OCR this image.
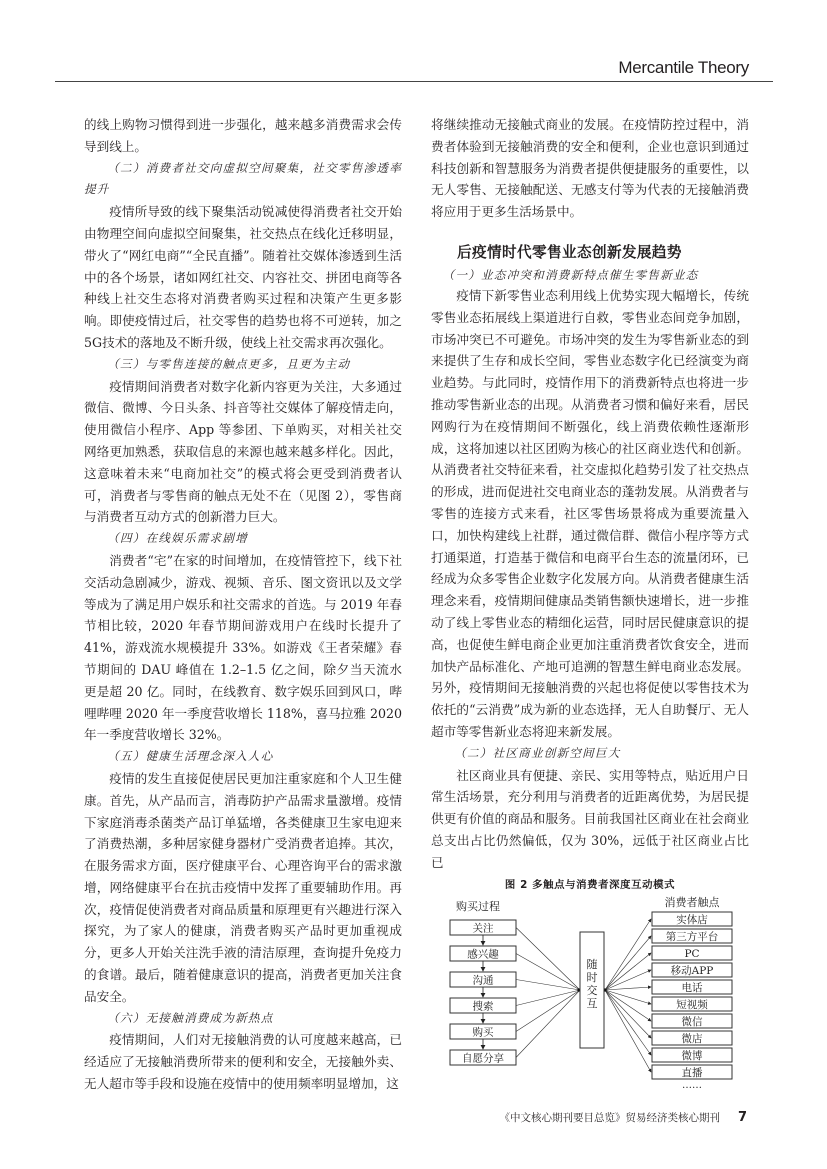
Mercantile Theory

的线上购物习惯得到进一步强化，越来越多消费需求会传导到线上。

（二）消费者社交向虚拟空间聚集，社交零售渗透率提升

疫情所导致的线下聚集活动锐减使得消费者社交开始由物理空间向虚拟空间聚集，社交热点在线化迁移明显，带火了“网红电商”“全民直播”。随着社交媒体渗透到生活中的各个场景，诸如网红社交、内容社交、拼团电商等各种线上社交生态将对消费者购买过程和决策产生更多影响。即使疫情过后，社交零售的趋势也将不可逆转，加之5G技术的落地及不断升级，使线上社交需求再次强化。

（三）与零售连接的触点更多，且更为主动

疫情期间消费者对数字化新内容更为关注，大多通过微信、微博、今日头条、抖音等社交媒体了解疫情走向，使用微信小程序、App 等参团、下单购买，对相关社交网络更加熟悉，获取信息的来源也越来越多样化。因此，这意味着未来“电商加社交”的模式将会更受到消费者认可，消费者与零售商的触点无处不在（见图 2），零售商与消费者互动方式的创新潜力巨大。

（四）在线娱乐需求剧增

消费者“宅”在家的时间增加，在疫情管控下，线下社交活动急剧减少，游戏、视频、音乐、图文资讯以及文学等成为了满足用户娱乐和社交需求的首选。与 2019 年春节相比较，2020 年春节期间游戏用户在线时长提升了 41%，游戏流水规模提升 33%。如游戏《王者荣耀》春节期间的 DAU 峰值在 1.2–1.5 亿之间，除夕当天流水更是超 20 亿。同时，在线教育、数字娱乐回到风口，哔哩哔哩 2020 年一季度营收增长 118%，喜马拉雅 2020 年一季度营收增长 32%。

（五）健康生活理念深入人心

疫情的发生直接促使居民更加注重家庭和个人卫生健康。首先，从产品而言，消毒防护产品需求量激增。疫情下家庭消毒杀菌类产品订单猛增，各类健康卫生家电迎来了消费热潮，多种居家健身器材广受消费者追捧。其次，在服务需求方面，医疗健康平台、心理咨询平台的需求激增，网络健康平台在抗击疫情中发挥了重要辅助作用。再次，疫情促使消费者对商品质量和原理更有兴趣进行深入探究，为了家人的健康，消费者购买产品时更加重视成分，更多人开始关注洗手液的清洁原理，查询提升免疫力的食谱。最后，随着健康意识的提高，消费者更加关注食品安全。

（六）无接触消费成为新热点

疫情期间，人们对无接触消费的认可度越来越高，已经适应了无接触消费所带来的便利和安全，无接触外卖、无人超市等手段和设施在疫情中的使用频率明显增加，这

将继续推动无接触式商业的发展。在疫情防控过程中，消费者体验到无接触消费的安全和便利，企业也意识到通过科技创新和智慧服务为消费者提供便捷服务的重要性，以无人零售、无接触配送、无感支付等为代表的无接触消费将应用于更多生活场景中。

后疫情时代零售业态创新发展趋势

（一）业态冲突和消费新特点催生零售新业态

疫情下新零售业态利用线上优势实现大幅增长，传统零售业态拓展线上渠道进行自救，零售业态间竞争加剧，市场冲突已不可避免。市场冲突的发生为零售新业态的到来提供了生存和成长空间，零售业态数字化已经演变为商业趋势。与此同时，疫情作用下的消费新特点也将进一步推动零售新业态的出现。从消费者习惯和偏好来看，居民网购行为在疫情期间不断强化，线上消费依赖性逐渐形成，这将加速以社区团购为核心的社区商业迭代和创新。从消费者社交特征来看，社交虚拟化趋势引发了社交热点的形成，进而促进社交电商业态的蓬勃发展。从消费者与零售的连接方式来看，社区零售场景将成为重要流量入口，加快构建线上社群，通过微信群、微信小程序等方式打通渠道，打造基于微信和电商平台生态的流量闭环，已经成为众多零售企业数字化发展方向。从消费者健康生活理念来看，疫情期间健康品类销售额快速增长，进一步推动了线上零售业态的精细化运营，同时居民健康意识的提高，也促使生鲜电商企业更加注重消费者饮食安全，进而加快产品标准化、产地可追溯的智慧生鲜电商业态发展。另外，疫情期间无接触消费的兴起也将促使以零售技术为依托的“云消费”成为新的业态选择，无人自助餐厅、无人超市等零售新业态将迎来新发展。

（二）社区商业创新空间巨大

社区商业具有便捷、亲民、实用等特点，贴近用户日常生活场景，充分利用与消费者的近距离优势，为居民提供更有价值的商品和服务。目前我国社区商业在社会商业总支出占比仍然偏低，仅为 30%，远低于社区商业占比已

图 2 多触点与消费者深度互动模式
购买过程	消费者触点
关注
感兴趣
沟通
搜索
购买
自愿分享
随时交互
实体店
第三方平台
PC
移动APP
电话
短视频
微信
微店
微博
直播
……
《中文核心期刊要目总览》贸易经济类核心期刊 7
